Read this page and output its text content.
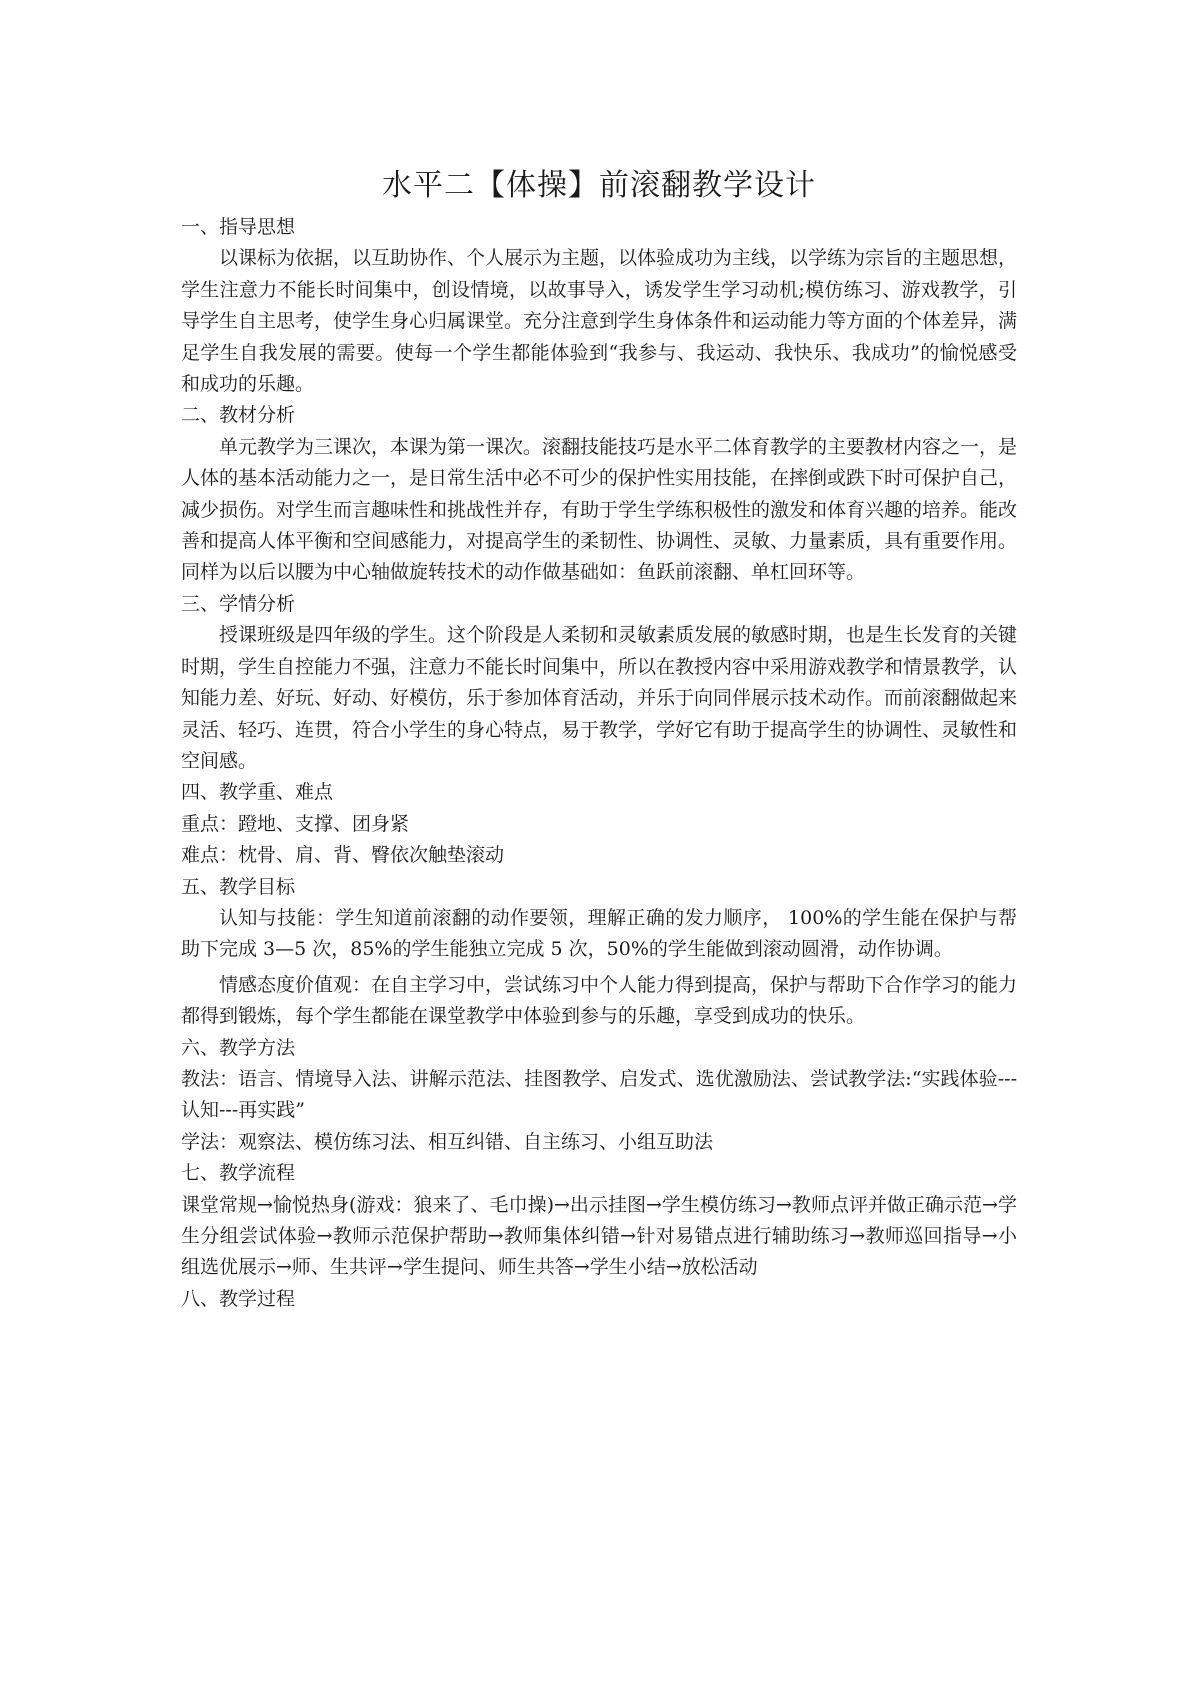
水平二【体操】前滚翻教学设计

一、指导思想

以课标为依据，以互助协作、个人展示为主题，以体验成功为主线，以学练为宗旨的主题思想，学生注意力不能长时间集中，创设情境，以故事导入，诱发学生学习动机;模仿练习、游戏教学，引导学生自主思考，使学生身心归属课堂。充分注意到学生身体条件和运动能力等方面的个体差异，满足学生自我发展的需要。使每一个学生都能体验到“我参与、我运动、我快乐、我成功”的愉悦感受和成功的乐趣。

二、教材分析

单元教学为三课次，本课为第一课次。滚翻技能技巧是水平二体育教学的主要教材内容之一，是人体的基本活动能力之一，是日常生活中必不可少的保护性实用技能，在摔倒或跌下时可保护自己，减少损伤。对学生而言趣味性和挑战性并存，有助于学生学练积极性的激发和体育兴趣的培养。能改善和提高人体平衡和空间感能力，对提高学生的柔韧性、协调性、灵敏、力量素质，具有重要作用。同样为以后以腰为中心轴做旋转技术的动作做基础如：鱼跃前滚翻、单杠回环等。

三、学情分析

授课班级是四年级的学生。这个阶段是人柔韧和灵敏素质发展的敏感时期，也是生长发育的关键时期，学生自控能力不强，注意力不能长时间集中，所以在教授内容中采用游戏教学和情景教学，认知能力差、好玩、好动、好模仿，乐于参加体育活动，并乐于向同伴展示技术动作。而前滚翻做起来灵活、轻巧、连贯，符合小学生的身心特点，易于教学，学好它有助于提高学生的协调性、灵敏性和空间感。

四、教学重、难点

重点：蹬地、支撑、团身紧

难点：枕骨、肩、背、臀依次触垫滚动

五、教学目标

认知与技能：学生知道前滚翻的动作要领，理解正确的发力顺序， 100%的学生能在保护与帮助下完成 3—5 次，85%的学生能独立完成 5 次，50%的学生能做到滚动圆滑，动作协调。

情感态度价值观：在自主学习中，尝试练习中个人能力得到提高，保护与帮助下合作学习的能力都得到锻炼，每个学生都能在课堂教学中体验到参与的乐趣，享受到成功的快乐。

六、教学方法

教法：语言、情境导入法、讲解示范法、挂图教学、启发式、选优激励法、尝试教学法:“实践体验---认知---再实践”

学法：观察法、模仿练习法、相互纠错、自主练习、小组互助法

七、教学流程

课堂常规→愉悦热身(游戏：狼来了、毛巾操)→出示挂图→学生模仿练习→教师点评并做正确示范→学生分组尝试体验→教师示范保护帮助→教师集体纠错→针对易错点进行辅助练习→教师巡回指导→小组选优展示→师、生共评→学生提问、师生共答→学生小结→放松活动

八、教学过程
